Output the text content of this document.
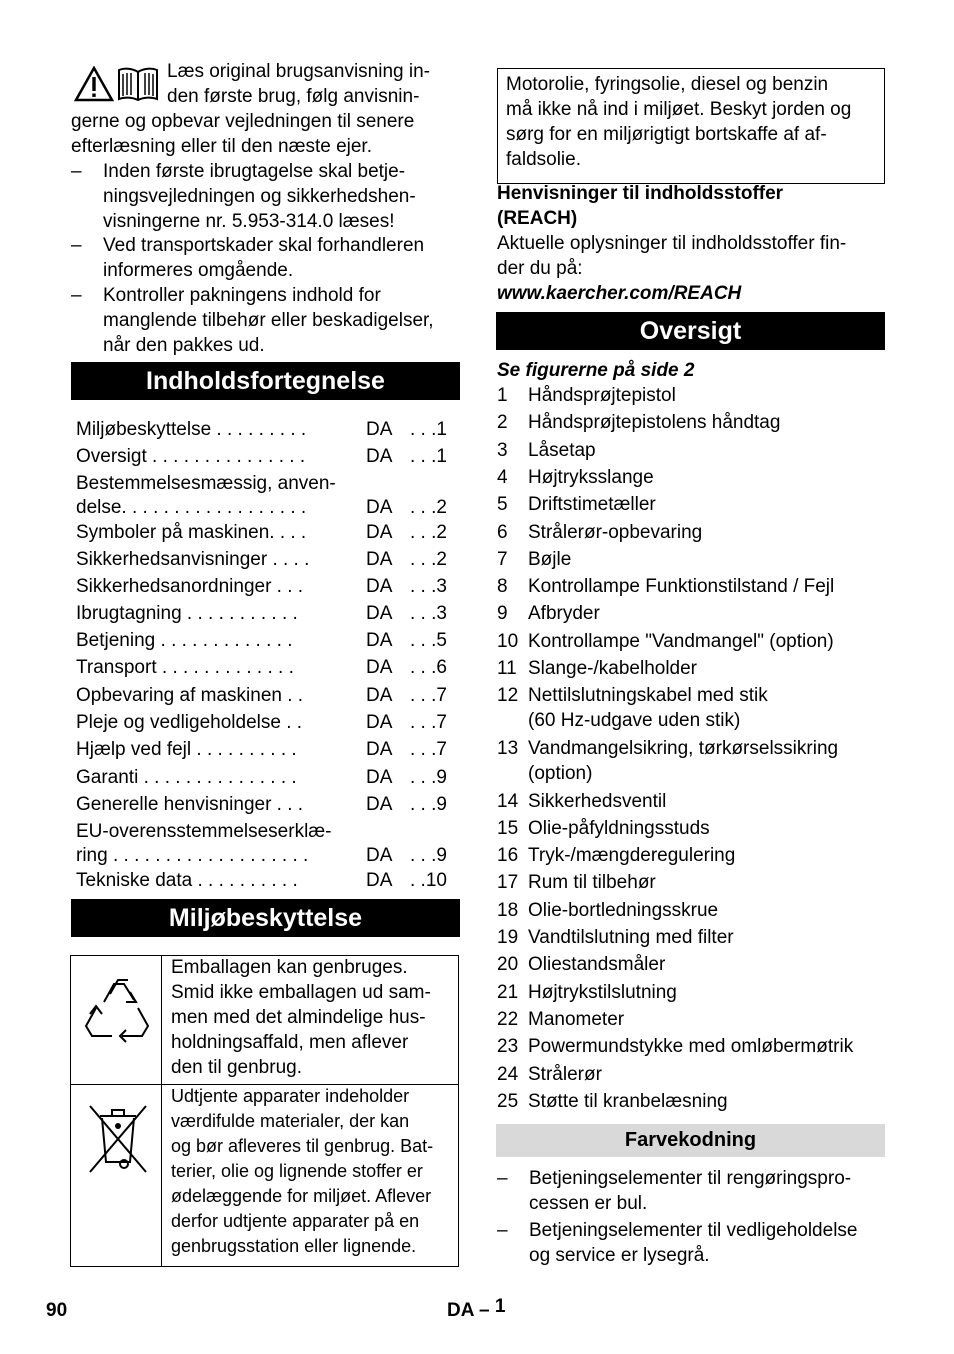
Læs original brugsanvisning in-
den første brug, følg anvisnin-
gerne og opbevar vejledningen til senere
efterlæsning eller til den næste ejer.
– Inden første ibrugtagelse skal betje-
ningsvejledningen og sikkerhedshen-
visningerne nr. 5.953-314.0 læses!
– Ved transportskader skal forhandleren
informeres omgående.
– Kontroller pakningens indhold for
manglende tilbehør eller beskadigelser,
når den pakkes ud.
Indholdsfortegnelse
Miljøbeskyttelse . . . . . . . . .	DA . . .1
Oversigt . . . . . . . . . . . . . . .	DA . . .1
Bestemmelsesmæssig, anven-
delse. . . . . . . . . . . . . . . . . .	DA . . .2
Symboler på maskinen. . . .	DA . . .2
Sikkerhedsanvisninger . . . .	DA . . .2
Sikkerhedsanordninger . . .	DA . . .3
Ibrugtagning . . . . . . . . . . .	DA . . .3
Betjening . . . . . . . . . . . . .	DA . . .5
Transport . . . . . . . . . . . . .	DA . . .6
Opbevaring af maskinen . .	DA . . .7
Pleje og vedligeholdelse . .	DA . . .7
Hjælp ved fejl . . . . . . . . . .	DA . . .7
Garanti . . . . . . . . . . . . . . .	DA . . .9
Generelle henvisninger . . .	DA . . .9
EU-overensstemmelseserklæ-
ring . . . . . . . . . . . . . . . . . . .	DA . . .9
Tekniske data . . . . . . . . . .	DA . .10
Miljøbeskyttelse
Emballagen kan genbruges.
Smid ikke emballagen ud sam-
men med det almindelige hus-
holdningsaffald, men aflever
den til genbrug.
Udtjente apparater indeholder
værdifulde materialer, der kan
og bør afleveres til genbrug. Bat-
terier, olie og lignende stoffer er
ødelæggende for miljøet. Aflever
derfor udtjente apparater på en
genbrugsstation eller lignende.
Motorolie, fyringsolie, diesel og benzin
må ikke nå ind i miljøet. Beskyt jorden og
sørg for en miljørigtigt bortskaffe af af-
faldsolie.
Henvisninger til indholdsstoffer
(REACH)
Aktuelle oplysninger til indholdsstoffer fin-
der du på:
www.kaercher.com/REACH
Oversigt
Se figurerne på side 2
1 Håndsprøjtepistol
2 Håndsprøjtepistolens håndtag
3 Låsetap
4 Højtryksslange
5 Driftstimetæller
6 Strålerør-opbevaring
7 Bøjle
8 Kontrollampe Funktionstilstand / Fejl
9 Afbryder
10 Kontrollampe "Vandmangel" (option)
11 Slange-/kabelholder
12 Nettilslutningskabel med stik
(60 Hz-udgave uden stik)
13 Vandmangelsikring, tørkørselssikring
(option)
14 Sikkerhedsventil
15 Olie-påfyldningsstuds
16 Tryk-/mængderegulering
17 Rum til tilbehør
18 Olie-bortledningsskrue
19 Vandtilslutning med filter
20 Oliestandsmåler
21 Højtrykstilslutning
22 Manometer
23 Powermundstykke med omløbermøtrik
24 Strålerør
25 Støtte til kranbelæsning
Farvekodning
– Betjeningselementer til rengøringspro-
cessen er bul.
– Betjeningselementer til vedligeholdelse
og service er lysegrå.
90	DA – 1
